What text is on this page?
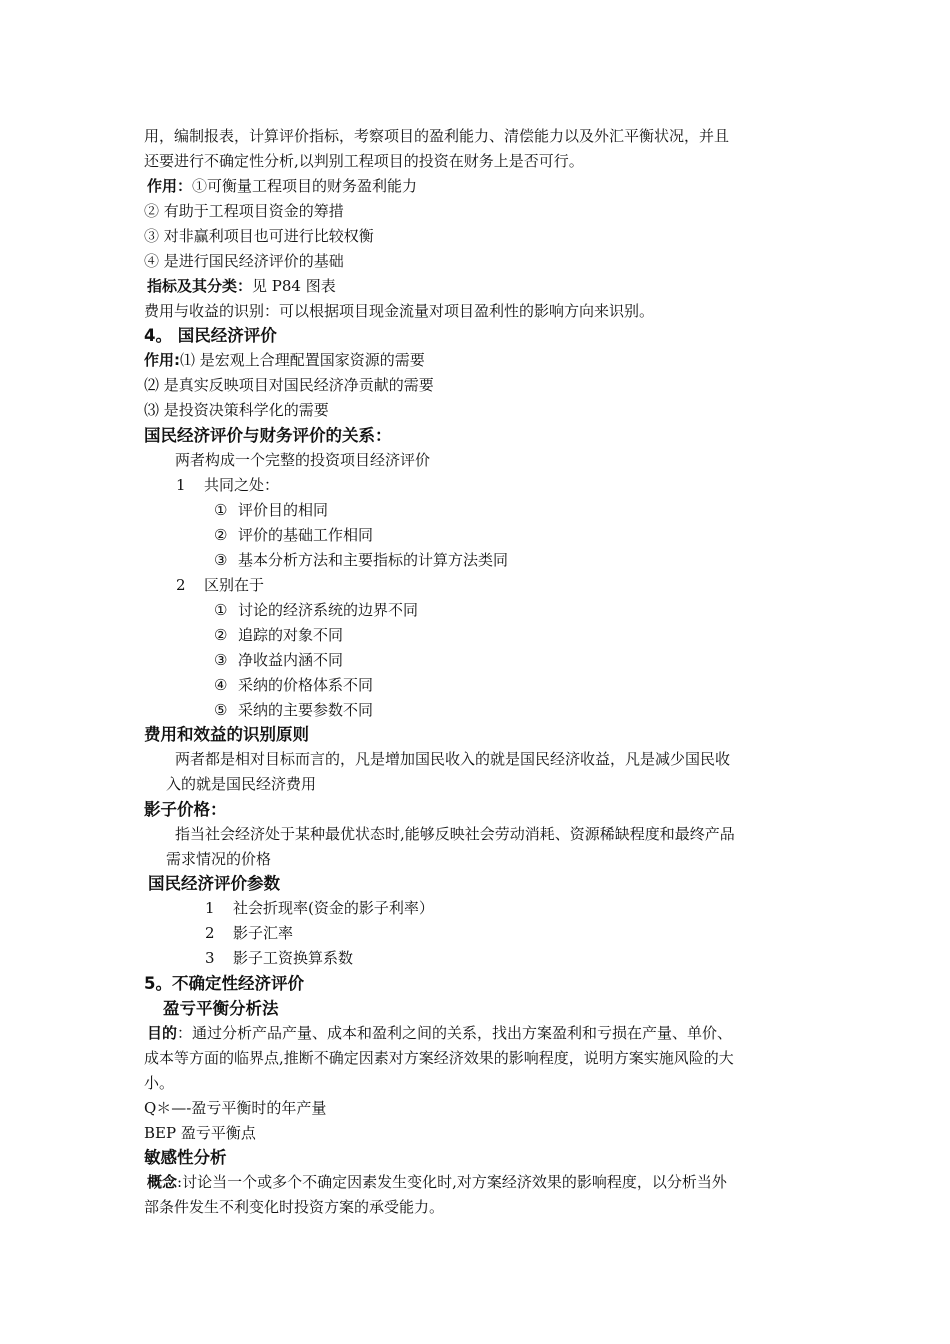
用，编制报表，计算评价指标，考察项目的盈利能力、清偿能力以及外汇平衡状况，并且
还要进行不确定性分析,以判别工程项目的投资在财务上是否可行。
作用：①可衡量工程项目的财务盈利能力
② 有助于工程项目资金的筹措
③ 对非赢利项目也可进行比较权衡
④ 是进行国民经济评价的基础
指标及其分类：见 P84 图表
费用与收益的识别：可以根据项目现金流量对项目盈利性的影响方向来识别。
4。 国民经济评价
作用:⑴ 是宏观上合理配置国家资源的需要
⑵ 是真实反映项目对国民经济净贡献的需要
⑶ 是投资决策科学化的需要
国民经济评价与财务评价的关系：
两者构成一个完整的投资项目经济评价
1 共同之处：
① 评价目的相同
② 评价的基础工作相同
③ 基本分析方法和主要指标的计算方法类同
2 区别在于
① 讨论的经济系统的边界不同
② 追踪的对象不同
③ 净收益内涵不同
④ 采纳的价格体系不同
⑤ 采纳的主要参数不同
费用和效益的识别原则
两者都是相对目标而言的，凡是增加国民收入的就是国民经济收益，凡是减少国民收
入的就是国民经济费用
影子价格：
指当社会经济处于某种最优状态时,能够反映社会劳动消耗、资源稀缺程度和最终产品
需求情况的价格
国民经济评价参数
1 社会折现率(资金的影子利率）
2 影子汇率
3 影子工资换算系数
5。不确定性经济评价
盈亏平衡分析法
目的：通过分析产品产量、成本和盈利之间的关系，找出方案盈利和亏损在产量、单价、
成本等方面的临界点,推断不确定因素对方案经济效果的影响程度，说明方案实施风险的大
小。
Q＊—-盈亏平衡时的年产量
BEP 盈亏平衡点
敏感性分析
概念:讨论当一个或多个不确定因素发生变化时,对方案经济效果的影响程度，以分析当外
部条件发生不利变化时投资方案的承受能力。
